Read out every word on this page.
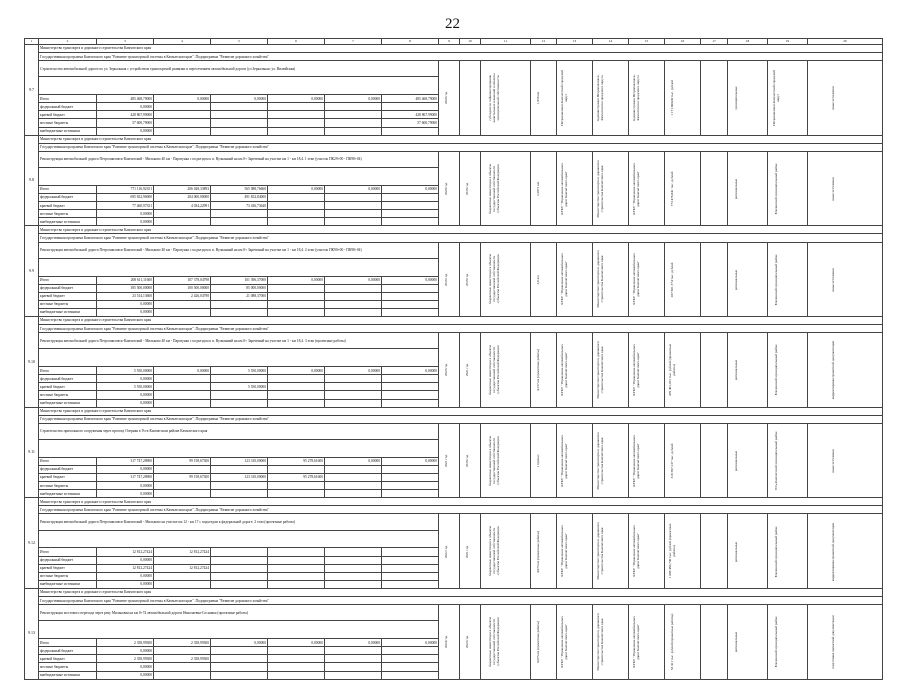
22
1	2	3	4	5	6	7	8	9	10	11	12	13	14	15	16	17	18	19	20
9.7	Министерство транспорта и дорожного строительства Камчатского края																		
	Государственная программа Камчатского края "Развитие транспортной системы в Камчатском крае". Подпрограмма "Развитие дорожного хозяйства"																		
	Строительство автомобильной дороги по ул. Зеркальная с устройством транспортной развязки и пересечением автомобильной дороги (ул.Зеркальная; ул. Вилюйская)							2020 год		субсидии на софинансирование капитальных вложений в объекты муниципальной собственности	1,956 км	Петропавловск-Камчатский городской округ	Администрация Петропавловск-Камчатского городского округа	Администрация Петропавловск-Камчатского городского округа	1 171 000,00 тыс. рублей		муниципальные	Петропавловск-Камчатский городской округ	иные источники

	Итого	485 468,79000	0,00000	0,00000	0,00000	0,00000	485 468,79000												
	федеральный бюджет	0,00000																	
	краевой бюджет	428 867,99000					428 867,99000												
	местные бюджеты	57 600,79000					57 600,79000												
	внебюджетные источники	0,00000																	
9.8	Министерство транспорта и дорожного строительства Камчатского края																		
	Государственная программа Камчатского края "Развитие транспортной системы в Камчатском крае". Подпрограмма "Развитие дорожного хозяйства"																		
	Реконструкция автомобильной дороги Петропавловск-Камчатский - Мильково 40 км - Паратунка с подъездом к п. Вулканный на км 0+ Зареченый на участке км 1 - км 18,4. 1 этап (участок ПК29+00 - ПК98+04)							2020 год	2018 год	бюджетные инвестиции в объекты государственной собственности субъектов Российской Федерации	2,2871 км	КГКУ "Управление автомобильных дорог Камчатского края"	Министерство транспорта и дорожного строительства Камчатского края	КГКУ "Управление автомобильных дорог Камчатского края"	773 476,841 тыс. рублей		региональные	Елизовский муниципальный район	иные источники

	Итого	771 116,92351	206 028,33893	565 088,76660	0,00000	0,00000	0,00000												
	федеральный бюджет	695 652,96000	204 000,00000	491 652,84000															
	краевой бюджет	77 460,97351	4 034,22991	73 436,73640															
	местные бюджеты	0,00000																	
	внебюджетные источники	0,00000																	
9.9	Министерство транспорта и дорожного строительства Камчатского края																		
	Государственная программа Камчатского края "Развитие транспортной системы в Камчатском крае". Подпрограмма "Развитие дорожного хозяйства"																		
	Реконструкция автомобильной дороги Петропавловск-Камчатский - Мильково 40 км - Паратунка с подъездом к п. Вулканный на км 0+ Зареченый на участке км 1 - км 18,4. 2 этап (участок ПК90+00 - ПК98+04)							2019 год	2018 год	бюджетные инвестиции в объекты государственной собственности субъектов Российской Федерации	2,6 км	КГКУ "Управление автомобильных дорог Камчатского края"	Министерство транспорта и дорожного строительства Камчатского края	КГКУ "Управление автомобильных дорог Камчатского края"	207 661,774 тыс. рублей		региональные	Елизовский муниципальный район	иные источники

	Итого	208 611,11600	107 378,04798	101 396,37000	0,00000	0,00000	0,00000												
	федеральный бюджет	185 500,00000	100 500,00000	85 000,00000															
	краевой бюджет	23 514,13600	2 426,04798	21 088,37000															
	местные бюджеты	0,00000																	
	внебюджетные источники	0,00000																	
9.10	Министерство транспорта и дорожного строительства Камчатского края																		
	Государственная программа Камчатского края "Развитие транспортной системы в Камчатском крае". Подпрограмма "Развитие дорожного хозяйства"																		
	Реконструкция автомобильной дороги Петропавловск-Камчатский - Мильково 40 км - Паратунка с подъездом к п. Вулканный на км 0+ Зареченый на участке км 1 - км 18,4. 3 этап (проектные работы)							2023 год	2021 год	бюджетные инвестиции в объекты государственной собственности субъектов Российской Федерации	4,157 км (проектные работы)	КГКУ "Управление автомобильных дорог Камчатского края"	Министерство транспорта и дорожного строительства Камчатского края	КГКУ "Управление автомобильных дорог Камчатского края"	470 491,201 тыс. рублей (проектные работы)		региональные	Елизовский муниципальный район	корректировка проектной документации

	Итого	5 550,00000	0,00000	5 550,00000	0,00000	0,00000	0,00000												
	федеральный бюджет	0,00000																	
	краевой бюджет	5 550,00000		5 550,00000															
	местные бюджеты	0,00000																	
	внебюджетные источники	0,00000																	
9.11	Министерство транспорта и дорожного строительства Камчатского края																		
	Государственная программа Камчатского края "Развитие транспортной системы в Камчатском крае". Подпрограмма "Развитие дорожного хозяйства"																		
	Строительство причального сооружения через протоку Озерная в Усть-Камчатском районе Камчатского края							2021 год	2018 год	бюджетные инвестиции в объекты государственной собственности субъектов Российской Федерации	1 причал	КГКУ "Управление автомобильных дорог Камчатского края"	Министерство транспорта и дорожного строительства Камчатского края	КГКУ "Управление автомобильных дорог Камчатского края"	316 697,137 тыс. рублей		региональные	Усть-Камчатский муниципальный район	иные источники

	Итого	317 747,28900	99 158,67300	123 310,00000	95 278,61600	0,00000	0,00000												
	федеральный бюджет	0,00000																	
	краевой бюджет	317 747,28900	99 158,67300	123 310,00000	95 278,61600														
	местные бюджеты	0,00000																	
	внебюджетные источники	0,00000																	
9.12	Министерство транспорта и дорожного строительства Камчатского края																		
	Государственная программа Камчатского края "Развитие транспортной системы в Камчатском крае". Подпрограмма "Развитие дорожного хозяйства"																		
	Реконструкция автомобильной дороги Петропавловск-Камчатский - Мильково на участке км 12 - км 17 с подъездом к федеральной дороге. 2 этап (проектные работы)							2022 год	2021 год	бюджетные инвестиции в объекты государственной собственности субъектов Российской Федерации	4,975 км (проектные работы)	КГКУ "Управление автомобильных дорог Камчатского края"	Министерство транспорта и дорожного строительства Камчатского края	КГКУ "Управление автомобильных дорог Камчатского края"	1 098 483,730 тыс. рублей (проектные работы)		региональные	Елизовский муниципальный район	корректировка проектной документации

	Итого	12 812,27424	12 812,27424																
	федеральный бюджет	0,00000																	
	краевой бюджет	12 812,27424	12 812,27424																
	местные бюджеты	0,00000																	
	внебюджетные источники	0,00000																	
9.13	Министерство транспорта и дорожного строительства Камчатского края																		
	Государственная программа Камчатского края "Развитие транспортной системы в Камчатском крае". Подпрограмма "Развитие дорожного хозяйства"																		
	Реконструкция мостового перехода через реку Мильковая на км 0+74 автомобильной дороги Николаевка-Сосновка (проектные работы)							2024 год	2023 год	бюджетные инвестиции в объекты государственной собственности субъектов Российской Федерации	0,075 км (проектные работы)	КГКУ "Управление автомобильных дорог Камчатского края"	Министерство транспорта и дорожного строительства Камчатского края	КГКУ "Управление автомобильных дорог Камчатского края"	53 411 тыс. рублей (проектные работы)		региональные	Елизовский муниципальный район	подготовка проектной документации

	Итого	2 358,99300	2 358,99300	0,00000	0,00000	0,00000	0,00000												
	федеральный бюджет	0,00000																	
	краевой бюджет	2 358,99300	2 358,99300																
	местные бюджеты	0,00000																	
	внебюджетные источники	0,00000																	
